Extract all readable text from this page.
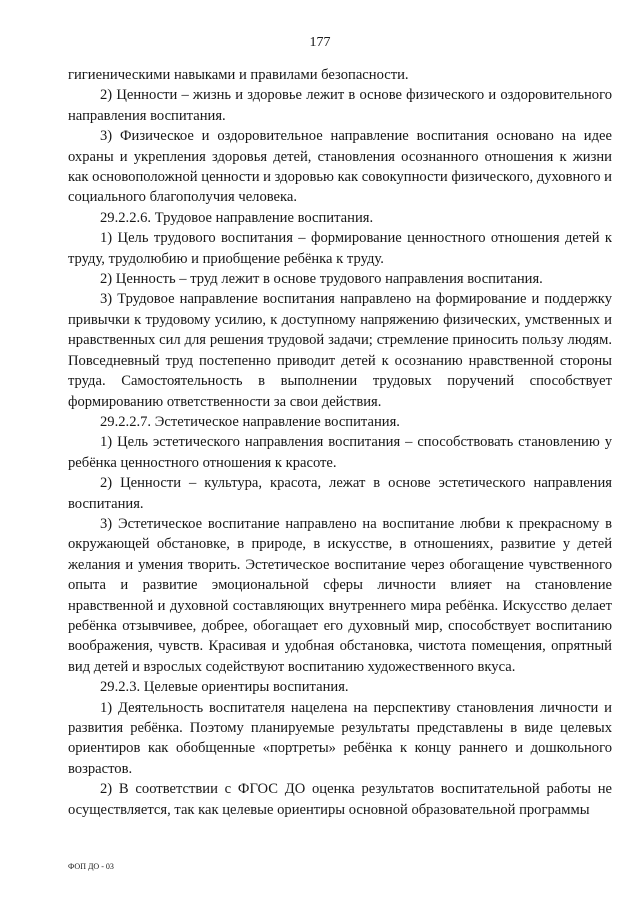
177

гигиеническими навыками и правилами безопасности.

2) Ценности – жизнь и здоровье лежит в основе физического и оздоровительного направления воспитания.

3) Физическое и оздоровительное направление воспитания основано на идее охраны и укрепления здоровья детей, становления осознанного отношения к жизни как основоположной ценности и здоровью как совокупности физического, духовного и социального благополучия человека.

29.2.2.6. Трудовое направление воспитания.

1) Цель трудового воспитания – формирование ценностного отношения детей к труду, трудолюбию и приобщение ребёнка к труду.

2) Ценность – труд лежит в основе трудового направления воспитания.

3) Трудовое направление воспитания направлено на формирование и поддержку привычки к трудовому усилию, к доступному напряжению физических, умственных и нравственных сил для решения трудовой задачи; стремление приносить пользу людям. Повседневный труд постепенно приводит детей к осознанию нравственной стороны труда. Самостоятельность в выполнении трудовых поручений способствует формированию ответственности за свои действия.

29.2.2.7. Эстетическое направление воспитания.

1) Цель эстетического направления воспитания – способствовать становлению у ребёнка ценностного отношения к красоте.

2) Ценности – культура, красота, лежат в основе эстетического направления воспитания.

3) Эстетическое воспитание направлено на воспитание любви к прекрасному в окружающей обстановке, в природе, в искусстве, в отношениях, развитие у детей желания и умения творить. Эстетическое воспитание через обогащение чувственного опыта и развитие эмоциональной сферы личности влияет на становление нравственной и духовной составляющих внутреннего мира ребёнка. Искусство делает ребёнка отзывчивее, добрее, обогащает его духовный мир, способствует воспитанию воображения, чувств. Красивая и удобная обстановка, чистота помещения, опрятный вид детей и взрослых содействуют воспитанию художественного вкуса.

29.2.3. Целевые ориентиры воспитания.

1) Деятельность воспитателя нацелена на перспективу становления личности и развития ребёнка. Поэтому планируемые результаты представлены в виде целевых ориентиров как обобщенные «портреты» ребёнка к концу раннего и дошкольного возрастов.

2) В соответствии с ФГОС ДО оценка результатов воспитательной работы не осуществляется, так как целевые ориентиры основной образовательной программы

ФОП ДО - 03
